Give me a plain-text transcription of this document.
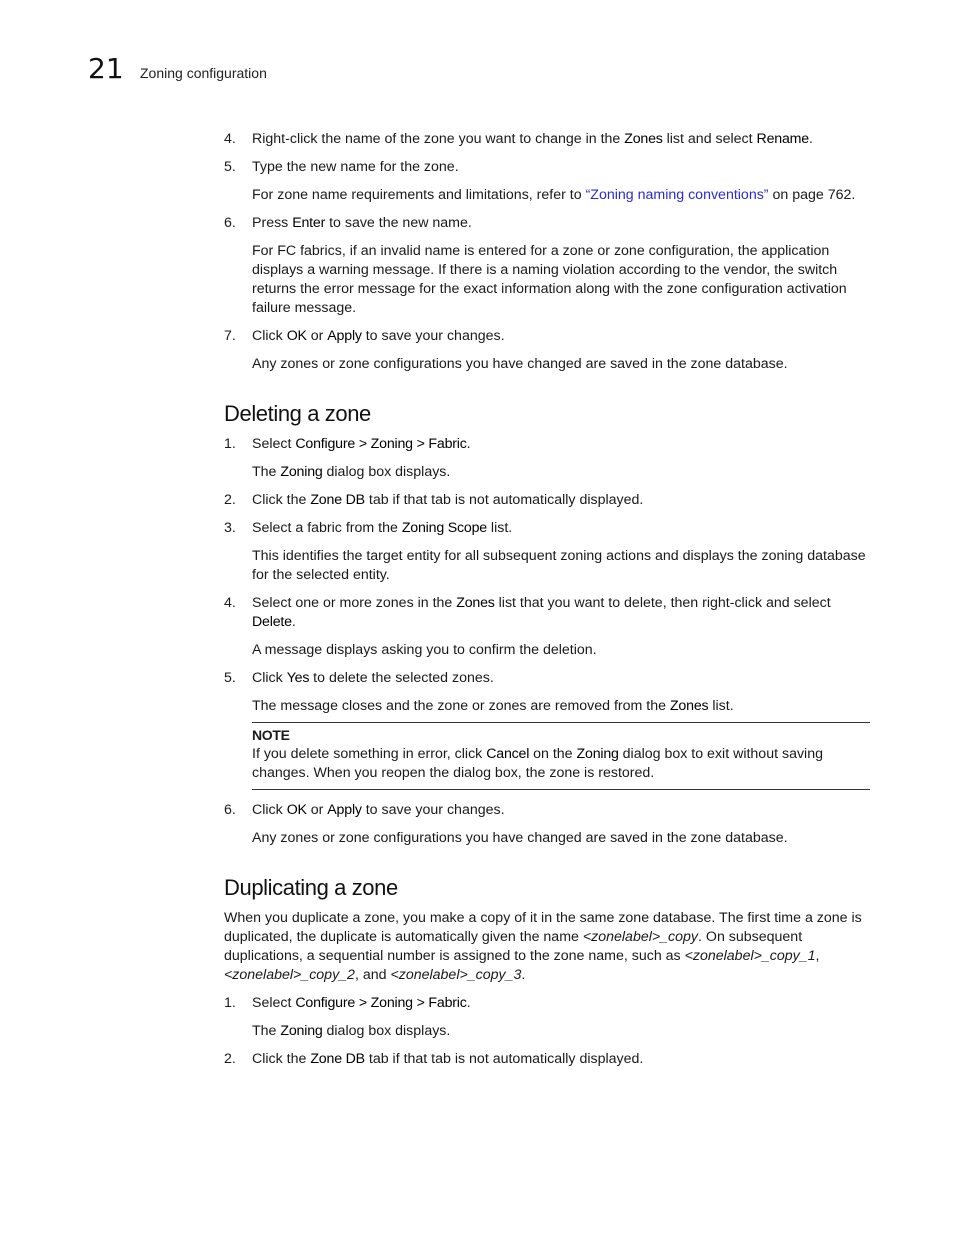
21 Zoning configuration

4. Right-click the name of the zone you want to change in the Zones list and select Rename.

5. Type the new name for the zone.

For zone name requirements and limitations, refer to “Zoning naming conventions” on page 762.

6. Press Enter to save the new name.

For FC fabrics, if an invalid name is entered for a zone or zone configuration, the application displays a warning message. If there is a naming violation according to the vendor, the switch returns the error message for the exact information along with the zone configuration activation failure message.

7. Click OK or Apply to save your changes.

Any zones or zone configurations you have changed are saved in the zone database.

Deleting a zone

1. Select Configure > Zoning > Fabric.

The Zoning dialog box displays.

2. Click the Zone DB tab if that tab is not automatically displayed.

3. Select a fabric from the Zoning Scope list.

This identifies the target entity for all subsequent zoning actions and displays the zoning database for the selected entity.

4. Select one or more zones in the Zones list that you want to delete, then right-click and select Delete.

A message displays asking you to confirm the deletion.

5. Click Yes to delete the selected zones.

The message closes and the zone or zones are removed from the Zones list.

NOTE
If you delete something in error, click Cancel on the Zoning dialog box to exit without saving changes. When you reopen the dialog box, the zone is restored.

6. Click OK or Apply to save your changes.

Any zones or zone configurations you have changed are saved in the zone database.

Duplicating a zone

When you duplicate a zone, you make a copy of it in the same zone database. The first time a zone is duplicated, the duplicate is automatically given the name <zonelabel>_copy. On subsequent duplications, a sequential number is assigned to the zone name, such as <zonelabel>_copy_1, <zonelabel>_copy_2, and <zonelabel>_copy_3.

1. Select Configure > Zoning > Fabric.

The Zoning dialog box displays.

2. Click the Zone DB tab if that tab is not automatically displayed.
